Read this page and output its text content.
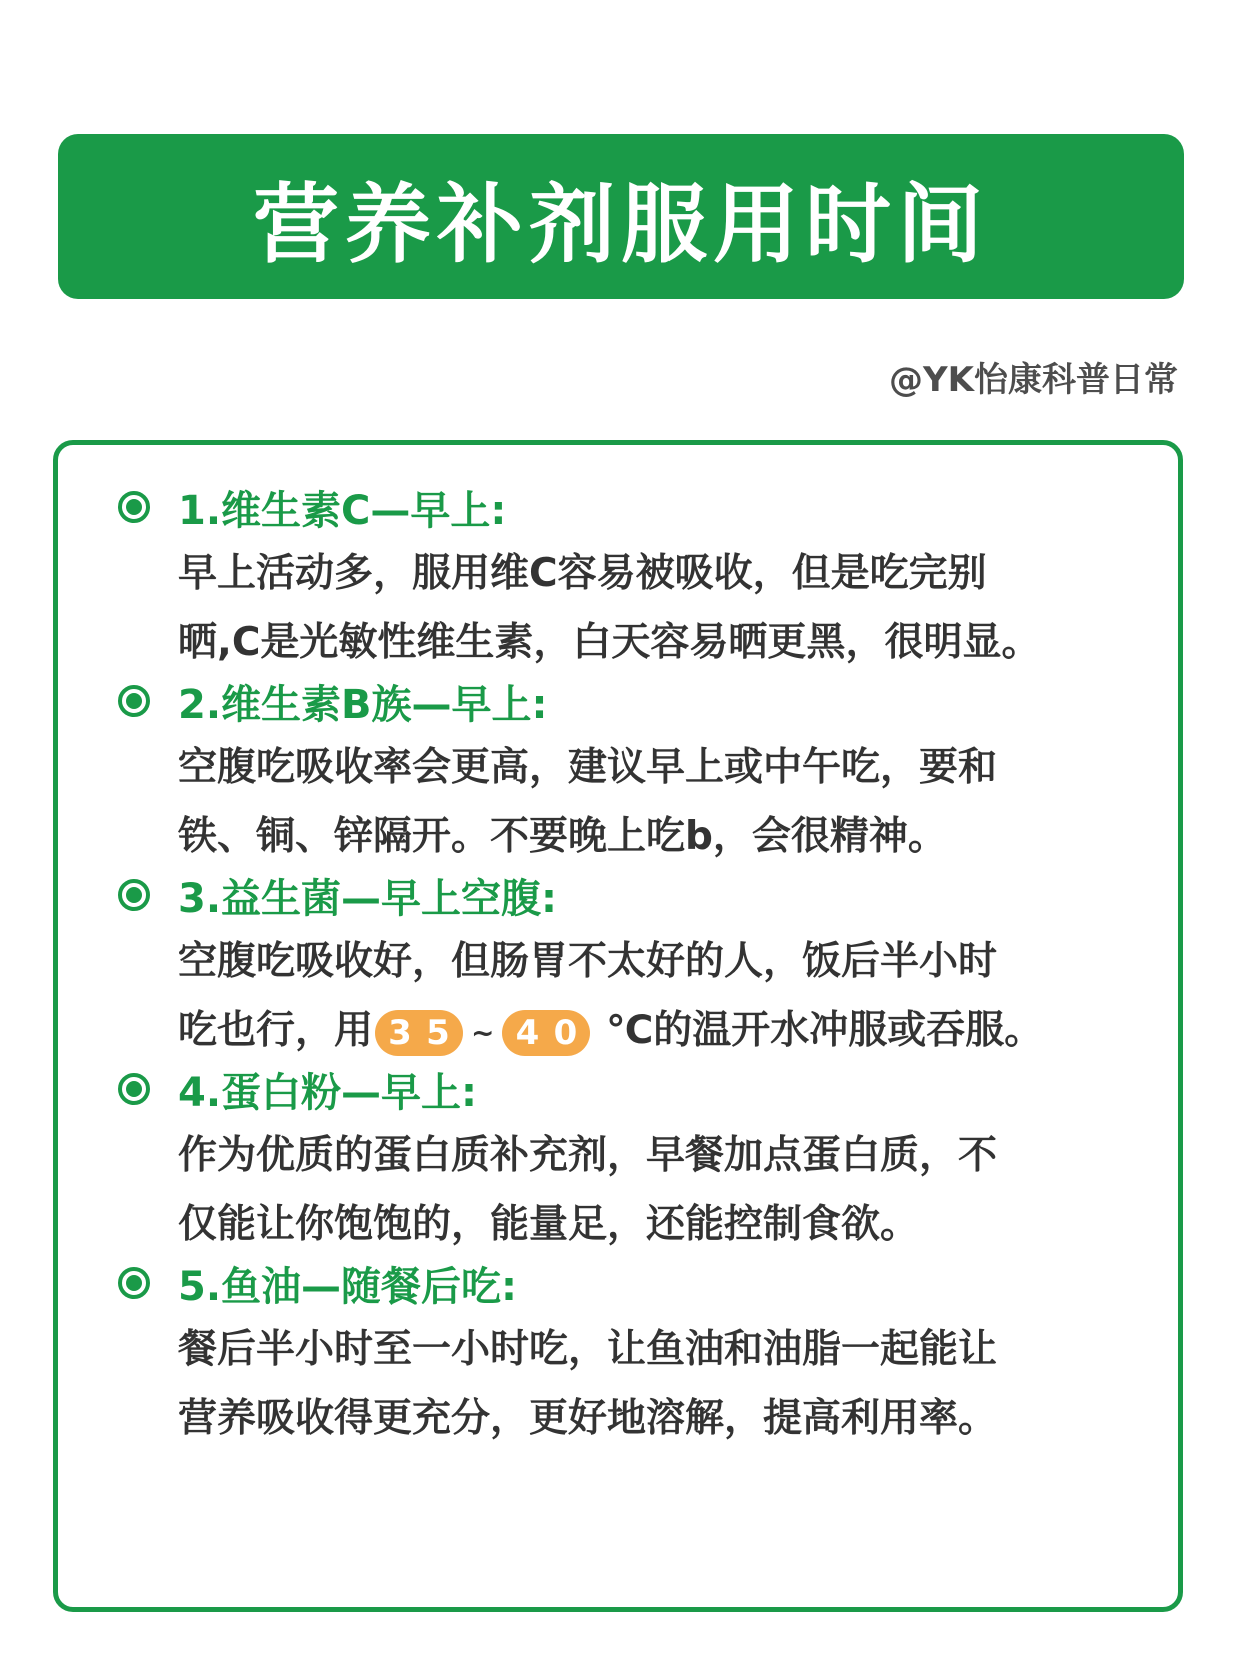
营养补剂服用时间
@YK怡康科普日常
1.维生素C—早上:
早上活动多，服用维C容易被吸收，但是吃完别
晒,C是光敏性维生素，白天容易晒更黑，很明显。
2.维生素B族—早上:
空腹吃吸收率会更高，建议早上或中午吃，要和
铁、铜、锌隔开。不要晚上吃b，会很精神。
3.益生菌—早上空腹:
空腹吃吸收好，但肠胃不太好的人，饭后半小时
吃也行，用 3 5 ~ 4 0 ℃的温开水冲服或吞服。
4.蛋白粉—早上:
作为优质的蛋白质补充剂，早餐加点蛋白质，不
仅能让你饱饱的，能量足，还能控制食欲。
5.鱼油—随餐后吃:
餐后半小时至一小时吃，让鱼油和油脂一起能让
营养吸收得更充分，更好地溶解，提高利用率。
